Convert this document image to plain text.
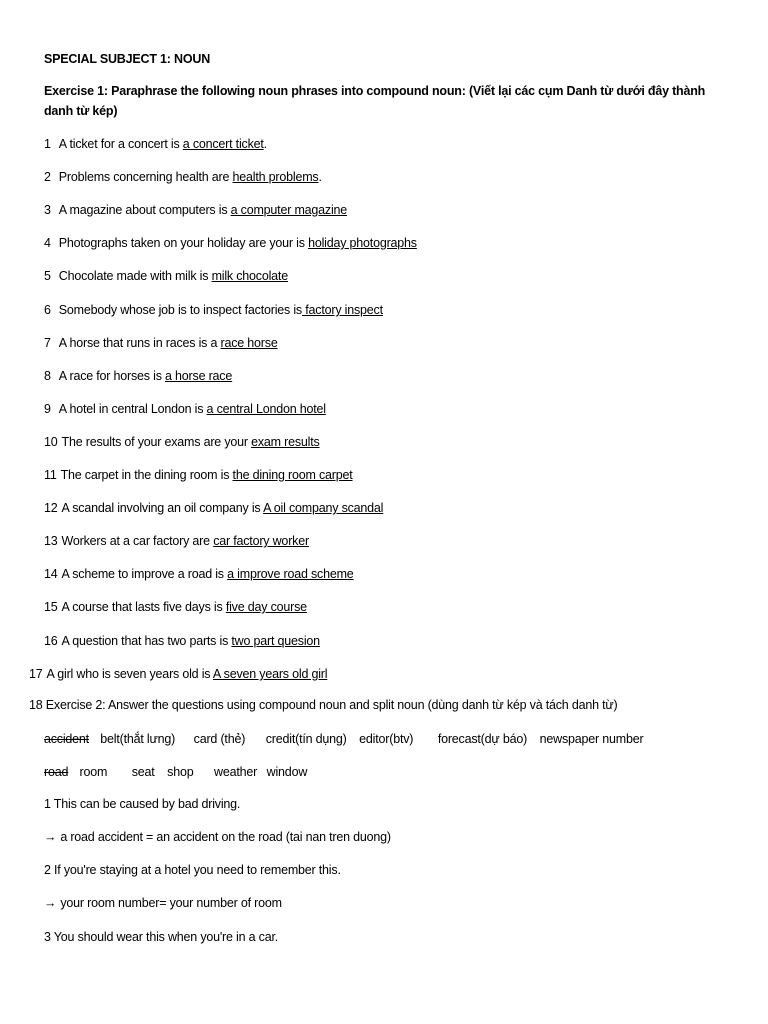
SPECIAL SUBJECT 1: NOUN
Exercise 1: Paraphrase the following noun phrases into compound noun: (Viết lại các cụm Danh từ dưới đây thành
danh từ kép)
1 A ticket for a concert is a concert ticket.
2 Problems concerning health are health problems.
3 A magazine about computers is a computer magazine
4 Photographs taken on your holiday are your is holiday photographs
5 Chocolate made with milk is milk chocolate
6 Somebody whose job is to inspect factories is factory inspect
7 A horse that runs in races is a race horse
8 A race for horses is a horse race
9 A hotel in central London is a central London hotel
10 The results of your exams are your exam results
11 The carpet in the dining room is the dining room carpet
12 A scandal involving an oil company is A oil company scandal
13 Workers at a car factory are car factory worker
14 A scheme to improve a road is a improve road scheme
15 A course that lasts five days is five day course
16 A question that has two parts is two part quesion
17 A girl who is seven years old is A seven years old girl
18 Exercise 2: Answer the questions using compound noun and split noun (dùng danh từ kép và tách danh từ)
accident belt(thắt lưng) card (thẻ) credit(tín dụng) editor(btv) forecast(dự báo) newspaper number
road room seat shop weather window
1 This can be caused by bad driving.
→ a road accident = an accident on the road (tai nan tren duong)
2 If you're staying at a hotel you need to remember this.
→ your room number= your number of room
3 You should wear this when you're in a car.
